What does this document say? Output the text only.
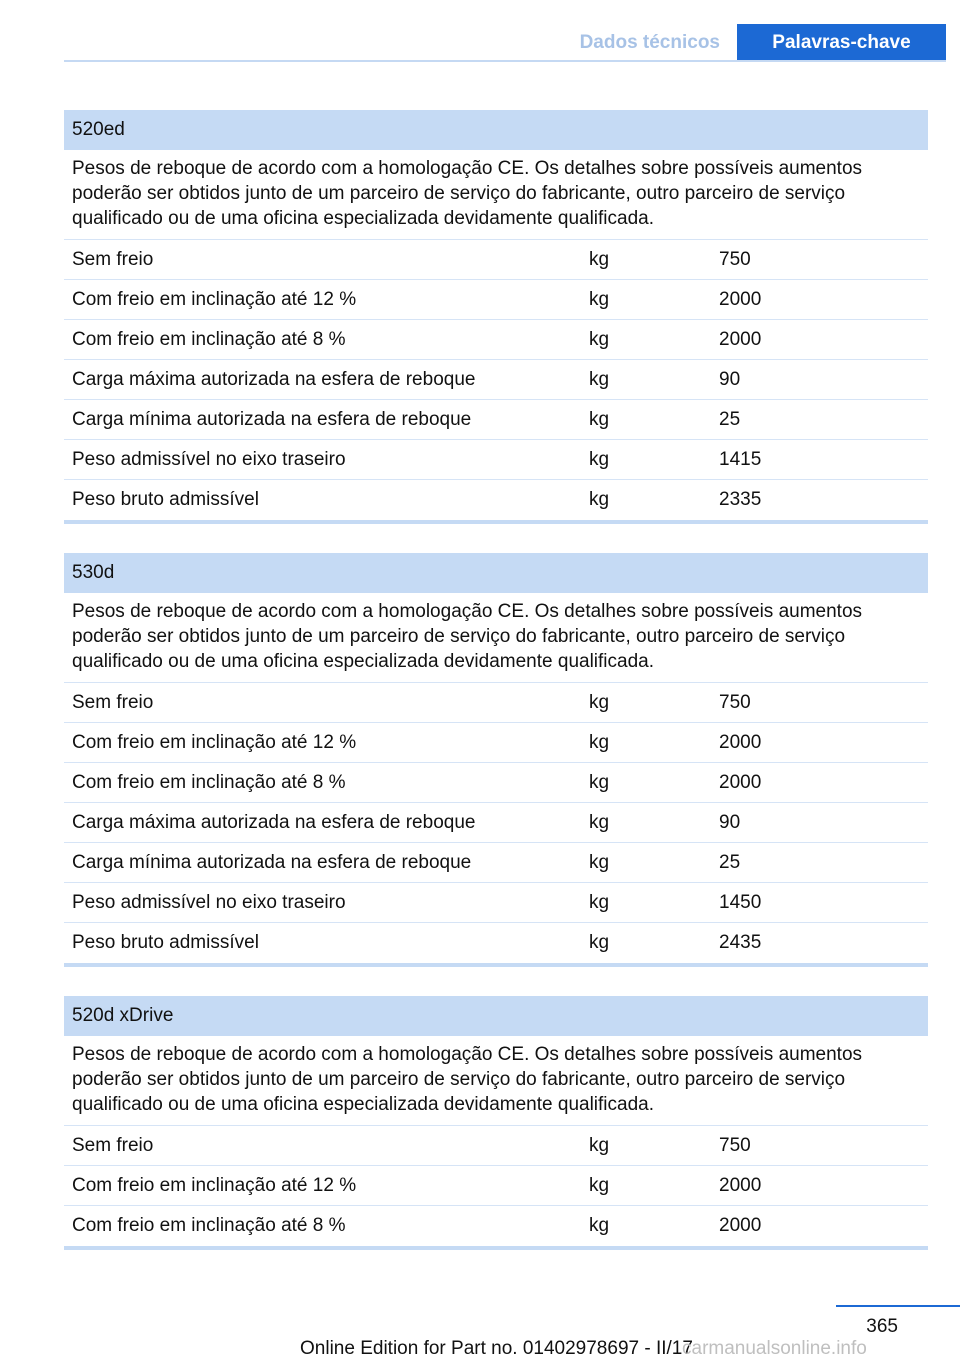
Dados técnicos	Palavras-chave
520ed
Pesos de reboque de acordo com a homologação CE. Os detalhes sobre possíveis aumentos poderão ser obtidos junto de um parceiro de serviço do fabricante, outro parceiro de serviço qualificado ou de uma oficina especializada devidamente qualificada.
Sem freio	kg	750
Com freio em inclinação até 12 %	kg	2000
Com freio em inclinação até 8 %	kg	2000
Carga máxima autorizada na esfera de reboque	kg	90
Carga mínima autorizada na esfera de reboque	kg	25
Peso admissível no eixo traseiro	kg	1415
Peso bruto admissível	kg	2335
530d
Pesos de reboque de acordo com a homologação CE. Os detalhes sobre possíveis aumentos poderão ser obtidos junto de um parceiro de serviço do fabricante, outro parceiro de serviço qualificado ou de uma oficina especializada devidamente qualificada.
Sem freio	kg	750
Com freio em inclinação até 12 %	kg	2000
Com freio em inclinação até 8 %	kg	2000
Carga máxima autorizada na esfera de reboque	kg	90
Carga mínima autorizada na esfera de reboque	kg	25
Peso admissível no eixo traseiro	kg	1450
Peso bruto admissível	kg	2435
520d xDrive
Pesos de reboque de acordo com a homologação CE. Os detalhes sobre possíveis aumentos poderão ser obtidos junto de um parceiro de serviço do fabricante, outro parceiro de serviço qualificado ou de uma oficina especializada devidamente qualificada.
Sem freio	kg	750
Com freio em inclinação até 12 %	kg	2000
Com freio em inclinação até 8 %	kg	2000
365
Online Edition for Part no. 01402978697 - II/17
carmanualsonline.info
